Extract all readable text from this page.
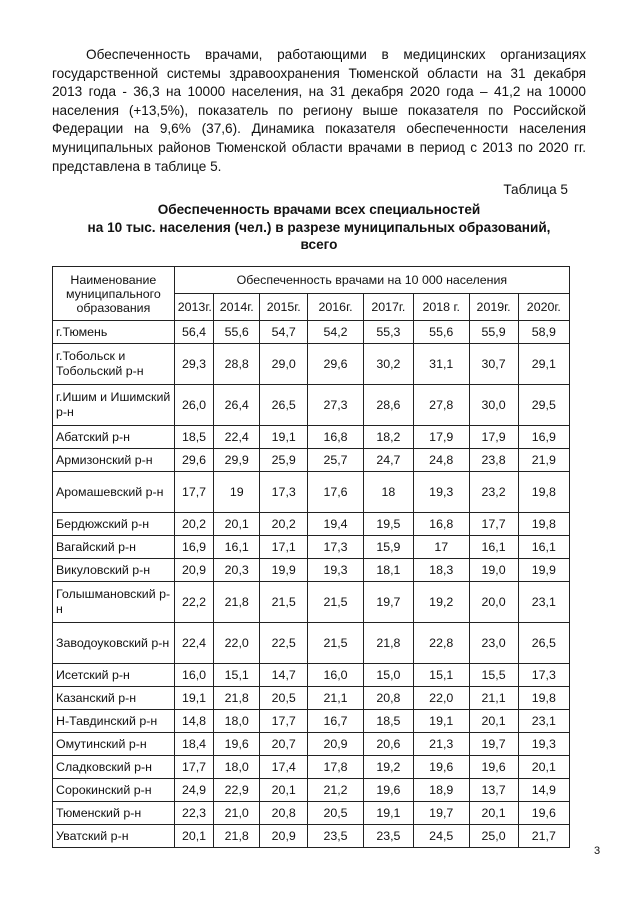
Обеспеченность врачами, работающими в медицинских организациях государственной системы здравоохранения Тюменской области на 31 декабря 2013 года - 36,3 на 10000 населения, на 31 декабря 2020 года – 41,2 на 10000 населения (+13,5%), показатель по региону выше показателя по Российской Федерации на 9,6% (37,6). Динамика показателя обеспеченности населения муниципальных районов Тюменской области врачами в период с 2013 по 2020 гг. представлена в таблице 5.

Таблица 5

Обеспеченность врачами всех специальностей
на 10 тыс. населения (чел.) в разрезе муниципальных образований,
всего
Наименование муниципального образования	Обеспеченность врачами на 10 000 населения							
	2013г.	2014г.	2015г.	2016г.	2017г.	2018 г.	2019г.	2020г.
г.Тюмень	56,4	55,6	54,7	54,2	55,3	55,6	55,9	58,9
г.Тобольск и Тобольский р-н	29,3	28,8	29,0	29,6	30,2	31,1	30,7	29,1
г.Ишим и Ишимский р-н	26,0	26,4	26,5	27,3	28,6	27,8	30,0	29,5
Абатский р-н	18,5	22,4	19,1	16,8	18,2	17,9	17,9	16,9
Армизонский р-н	29,6	29,9	25,9	25,7	24,7	24,8	23,8	21,9
Аромашевский р-н	17,7	19	17,3	17,6	18	19,3	23,2	19,8
Бердюжский р-н	20,2	20,1	20,2	19,4	19,5	16,8	17,7	19,8
Вагайский р-н	16,9	16,1	17,1	17,3	15,9	17	16,1	16,1
Викуловский р-н	20,9	20,3	19,9	19,3	18,1	18,3	19,0	19,9
Голышмановский р-н	22,2	21,8	21,5	21,5	19,7	19,2	20,0	23,1
Заводоуковский р-н	22,4	22,0	22,5	21,5	21,8	22,8	23,0	26,5
Исетский р-н	16,0	15,1	14,7	16,0	15,0	15,1	15,5	17,3
Казанский р-н	19,1	21,8	20,5	21,1	20,8	22,0	21,1	19,8
Н-Тавдинский р-н	14,8	18,0	17,7	16,7	18,5	19,1	20,1	23,1
Омутинский р-н	18,4	19,6	20,7	20,9	20,6	21,3	19,7	19,3
Сладковский р-н	17,7	18,0	17,4	17,8	19,2	19,6	19,6	20,1
Сорокинский р-н	24,9	22,9	20,1	21,2	19,6	18,9	13,7	14,9
Тюменский р-н	22,3	21,0	20,8	20,5	19,1	19,7	20,1	19,6
Уватский р-н	20,1	21,8	20,9	23,5	23,5	24,5	25,0	21,7

3
